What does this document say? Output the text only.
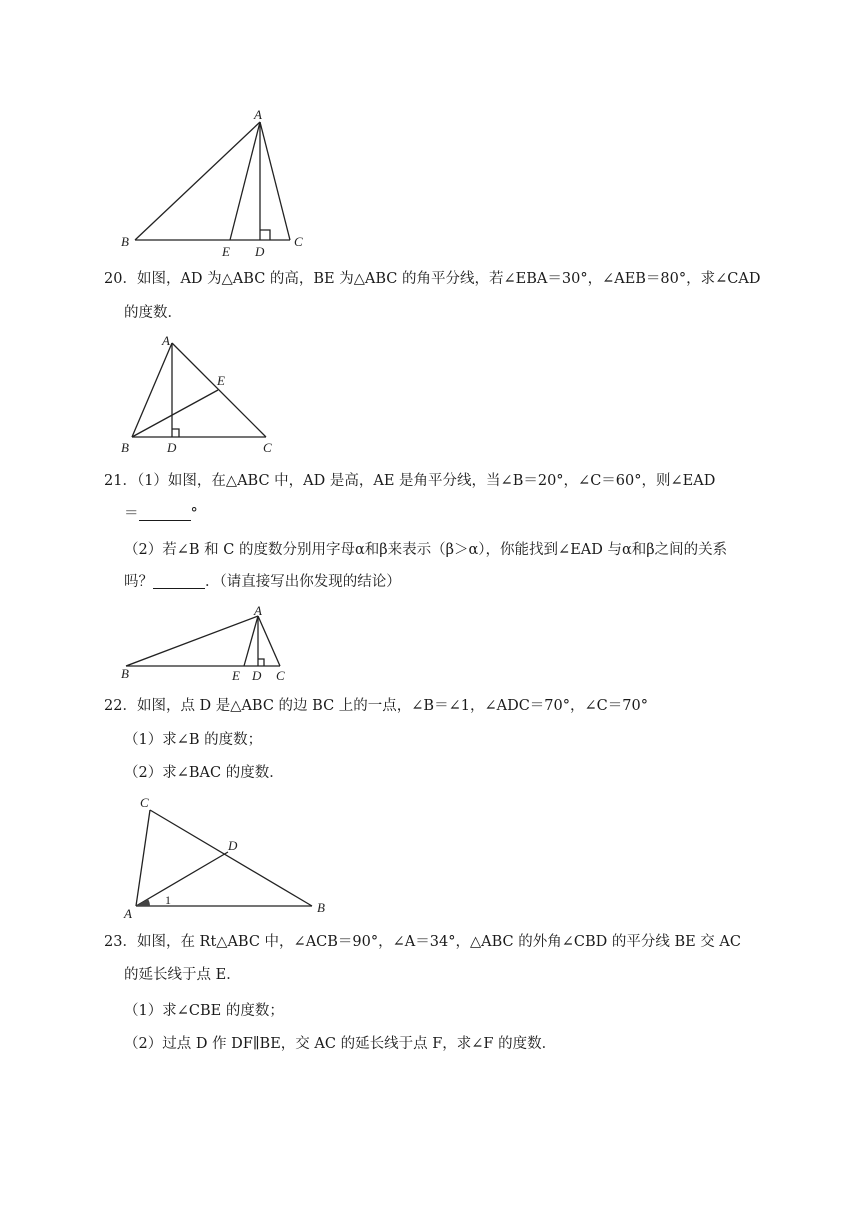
A
B
E D
C
20．如图，AD 为△ABC 的高，BE 为△ABC 的角平分线，若∠EBA＝30°，∠AEB＝80°，求∠CAD
的度数．
A
E
B	D	C
21．（1）如图，在△ABC 中，AD 是高，AE 是角平分线，当∠B＝20°，∠C＝60°，则∠EAD
＝	°
（2）若∠B 和 C 的度数分别用字母α和β来表示（β＞α），你能找到∠EAD 与α和β之间的关系
吗？	．（请直接写出你发现的结论）
A
B	E D C
22．如图，点 D 是△ABC 的边 BC 上的一点，∠B＝∠1，∠ADC＝70°，∠C＝70°
（1）求∠B 的度数；
（2）求∠BAC 的度数．
C
D
A
1	B
23．如图，在 Rt△ABC 中，∠ACB＝90°，∠A＝34°，△ABC 的外角∠CBD 的平分线 BE 交 AC
的延长线于点 E．
（1）求∠CBE 的度数；
（2）过点 D 作 DF∥BE，交 AC 的延长线于点 F，求∠F 的度数．
